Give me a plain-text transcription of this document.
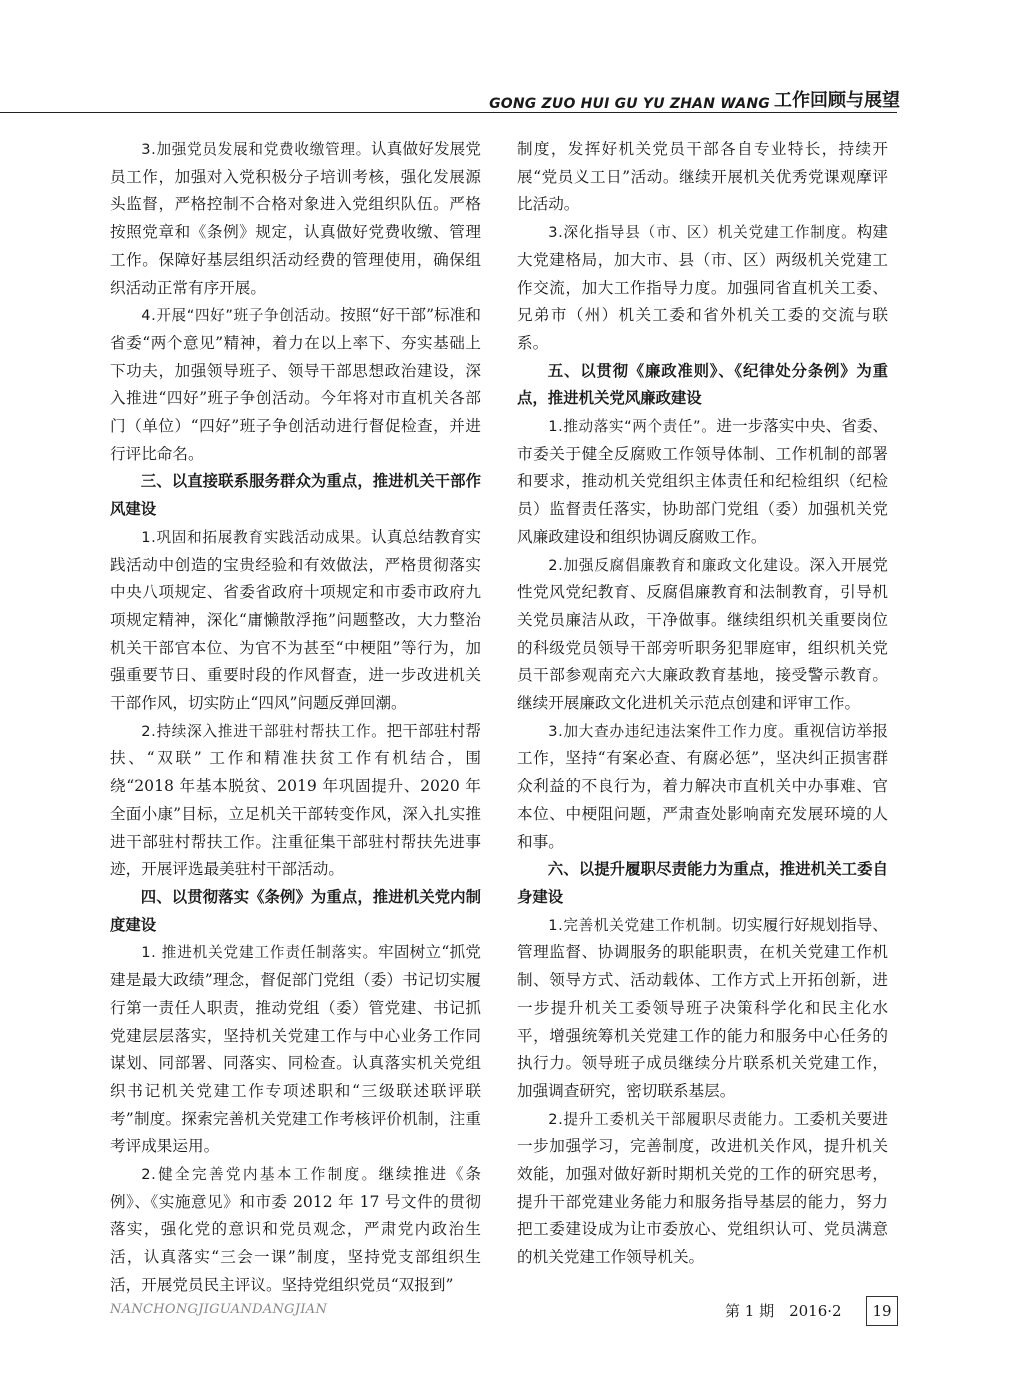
GONG ZUO HUI GU YU ZHAN WANG 工作回顾与展望

3.加强党员发展和党费收缴管理。认真做好发展党员工作，加强对入党积极分子培训考核，强化发展源头监督，严格控制不合格对象进入党组织队伍。严格按照党章和《条例》规定，认真做好党费收缴、管理工作。保障好基层组织活动经费的管理使用，确保组织活动正常有序开展。

4.开展“四好”班子争创活动。按照“好干部”标准和省委“两个意见”精神，着力在以上率下、夯实基础上下功夫，加强领导班子、领导干部思想政治建设，深入推进“四好”班子争创活动。今年将对市直机关各部门（单位）“四好”班子争创活动进行督促检查，并进行评比命名。

三、以直接联系服务群众为重点，推进机关干部作风建设

1.巩固和拓展教育实践活动成果。认真总结教育实践活动中创造的宝贵经验和有效做法，严格贯彻落实中央八项规定、省委省政府十项规定和市委市政府九项规定精神，深化“庸懒散浮拖”问题整改，大力整治机关干部官本位、为官不为甚至“中梗阻”等行为，加强重要节日、重要时段的作风督查，进一步改进机关干部作风，切实防止“四风”问题反弹回潮。

2.持续深入推进干部驻村帮扶工作。把干部驻村帮扶、“双联” 工作和精准扶贫工作有机结合，围绕“2018 年基本脱贫、2019 年巩固提升、2020 年全面小康”目标，立足机关干部转变作风，深入扎实推进干部驻村帮扶工作。注重征集干部驻村帮扶先进事迹，开展评选最美驻村干部活动。

四、以贯彻落实《条例》为重点，推进机关党内制度建设

1. 推进机关党建工作责任制落实。牢固树立“抓党建是最大政绩”理念，督促部门党组（委）书记切实履行第一责任人职责，推动党组（委）管党建、书记抓党建层层落实，坚持机关党建工作与中心业务工作同谋划、同部署、同落实、同检查。认真落实机关党组织书记机关党建工作专项述职和“三级联述联评联考”制度。探索完善机关党建工作考核评价机制，注重考评成果运用。

2.健全完善党内基本工作制度。继续推进《条例》、《实施意见》和市委 2012 年 17 号文件的贯彻落实，强化党的意识和党员观念，严肃党内政治生活，认真落实“三会一课”制度，坚持党支部组织生活，开展党员民主评议。坚持党组织党员“双报到”

制度，发挥好机关党员干部各自专业特长，持续开展“党员义工日”活动。继续开展机关优秀党课观摩评比活动。

3.深化指导县（市、区）机关党建工作制度。构建大党建格局，加大市、县（市、区）两级机关党建工作交流，加大工作指导力度。加强同省直机关工委、兄弟市（州）机关工委和省外机关工委的交流与联系。

五、以贯彻《廉政准则》、《纪律处分条例》为重点，推进机关党风廉政建设

1.推动落实“两个责任”。进一步落实中央、省委、市委关于健全反腐败工作领导体制、工作机制的部署和要求，推动机关党组织主体责任和纪检组织（纪检员）监督责任落实，协助部门党组（委）加强机关党风廉政建设和组织协调反腐败工作。

2.加强反腐倡廉教育和廉政文化建设。深入开展党性党风党纪教育、反腐倡廉教育和法制教育，引导机关党员廉洁从政，干净做事。继续组织机关重要岗位的科级党员领导干部旁听职务犯罪庭审，组织机关党员干部参观南充六大廉政教育基地，接受警示教育。继续开展廉政文化进机关示范点创建和评审工作。

3.加大查办违纪违法案件工作力度。重视信访举报工作，坚持“有案必查、有腐必惩”，坚决纠正损害群众利益的不良行为，着力解决市直机关中办事难、官本位、中梗阻问题，严肃查处影响南充发展环境的人和事。

六、以提升履职尽责能力为重点，推进机关工委自身建设

1.完善机关党建工作机制。切实履行好规划指导、管理监督、协调服务的职能职责，在机关党建工作机制、领导方式、活动载体、工作方式上开拓创新，进一步提升机关工委领导班子决策科学化和民主化水平，增强统筹机关党建工作的能力和服务中心任务的执行力。领导班子成员继续分片联系机关党建工作，加强调查研究，密切联系基层。

2.提升工委机关干部履职尽责能力。工委机关要进一步加强学习，完善制度，改进机关作风，提升机关效能，加强对做好新时期机关党的工作的研究思考，提升干部党建业务能力和服务指导基层的能力，努力把工委建设成为让市委放心、党组织认可、党员满意的机关党建工作领导机关。

NANCHONGJIGUANDANGJIAN	第 1 期　2016·2	19
